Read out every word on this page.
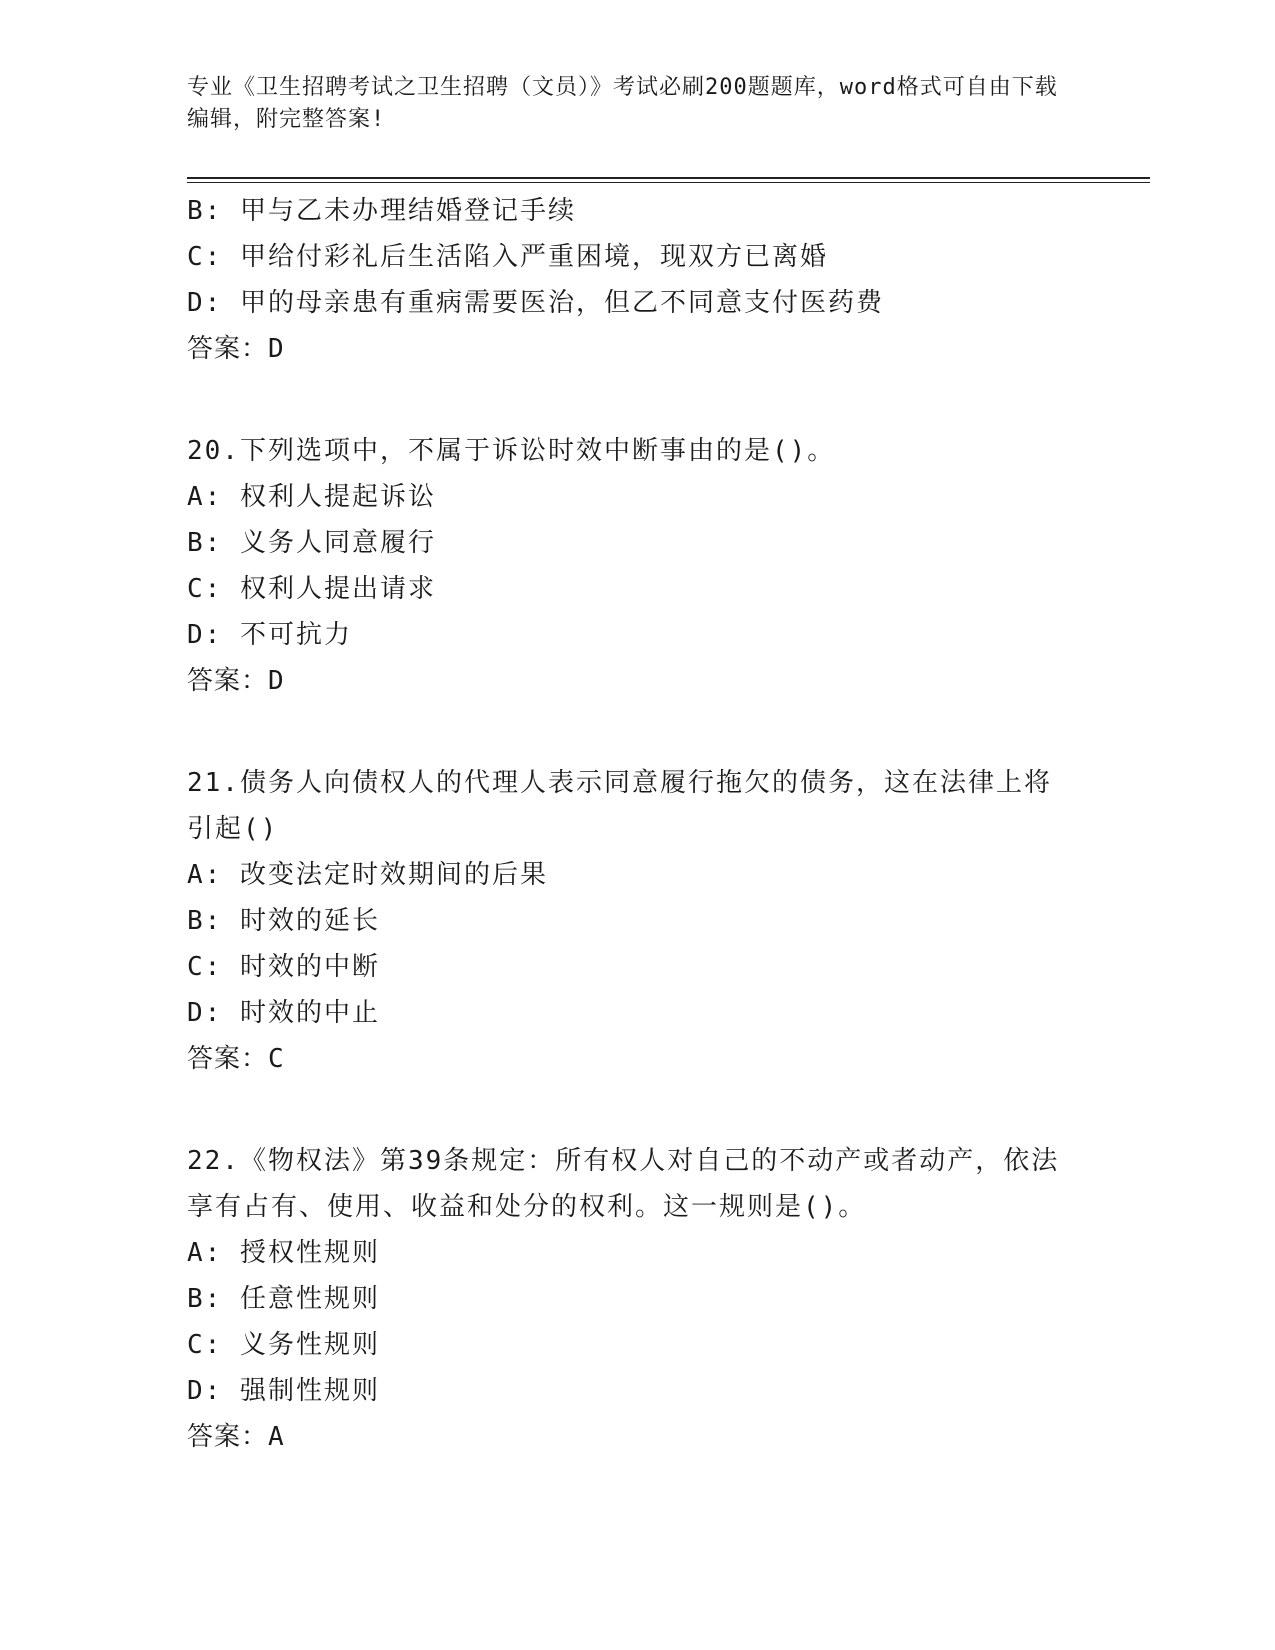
专业《卫生招聘考试之卫生招聘（文员）》考试必刷200题题库，word格式可自由下载编辑，附完整答案!
B: 甲与乙未办理结婚登记手续
C: 甲给付彩礼后生活陷入严重困境，现双方已离婚
D: 甲的母亲患有重病需要医治，但乙不同意支付医药费
答案：D
20.下列选项中，不属于诉讼时效中断事由的是()。
A: 权利人提起诉讼
B: 义务人同意履行
C: 权利人提出请求
D: 不可抗力
答案：D
21.债务人向债权人的代理人表示同意履行拖欠的债务，这在法律上将引起()
A: 改变法定时效期间的后果
B: 时效的延长
C: 时效的中断
D: 时效的中止
答案：C
22.《物权法》第39条规定：所有权人对自己的不动产或者动产，依法享有占有、使用、收益和处分的权利。这一规则是()。
A: 授权性规则
B: 任意性规则
C: 义务性规则
D: 强制性规则
答案：A
